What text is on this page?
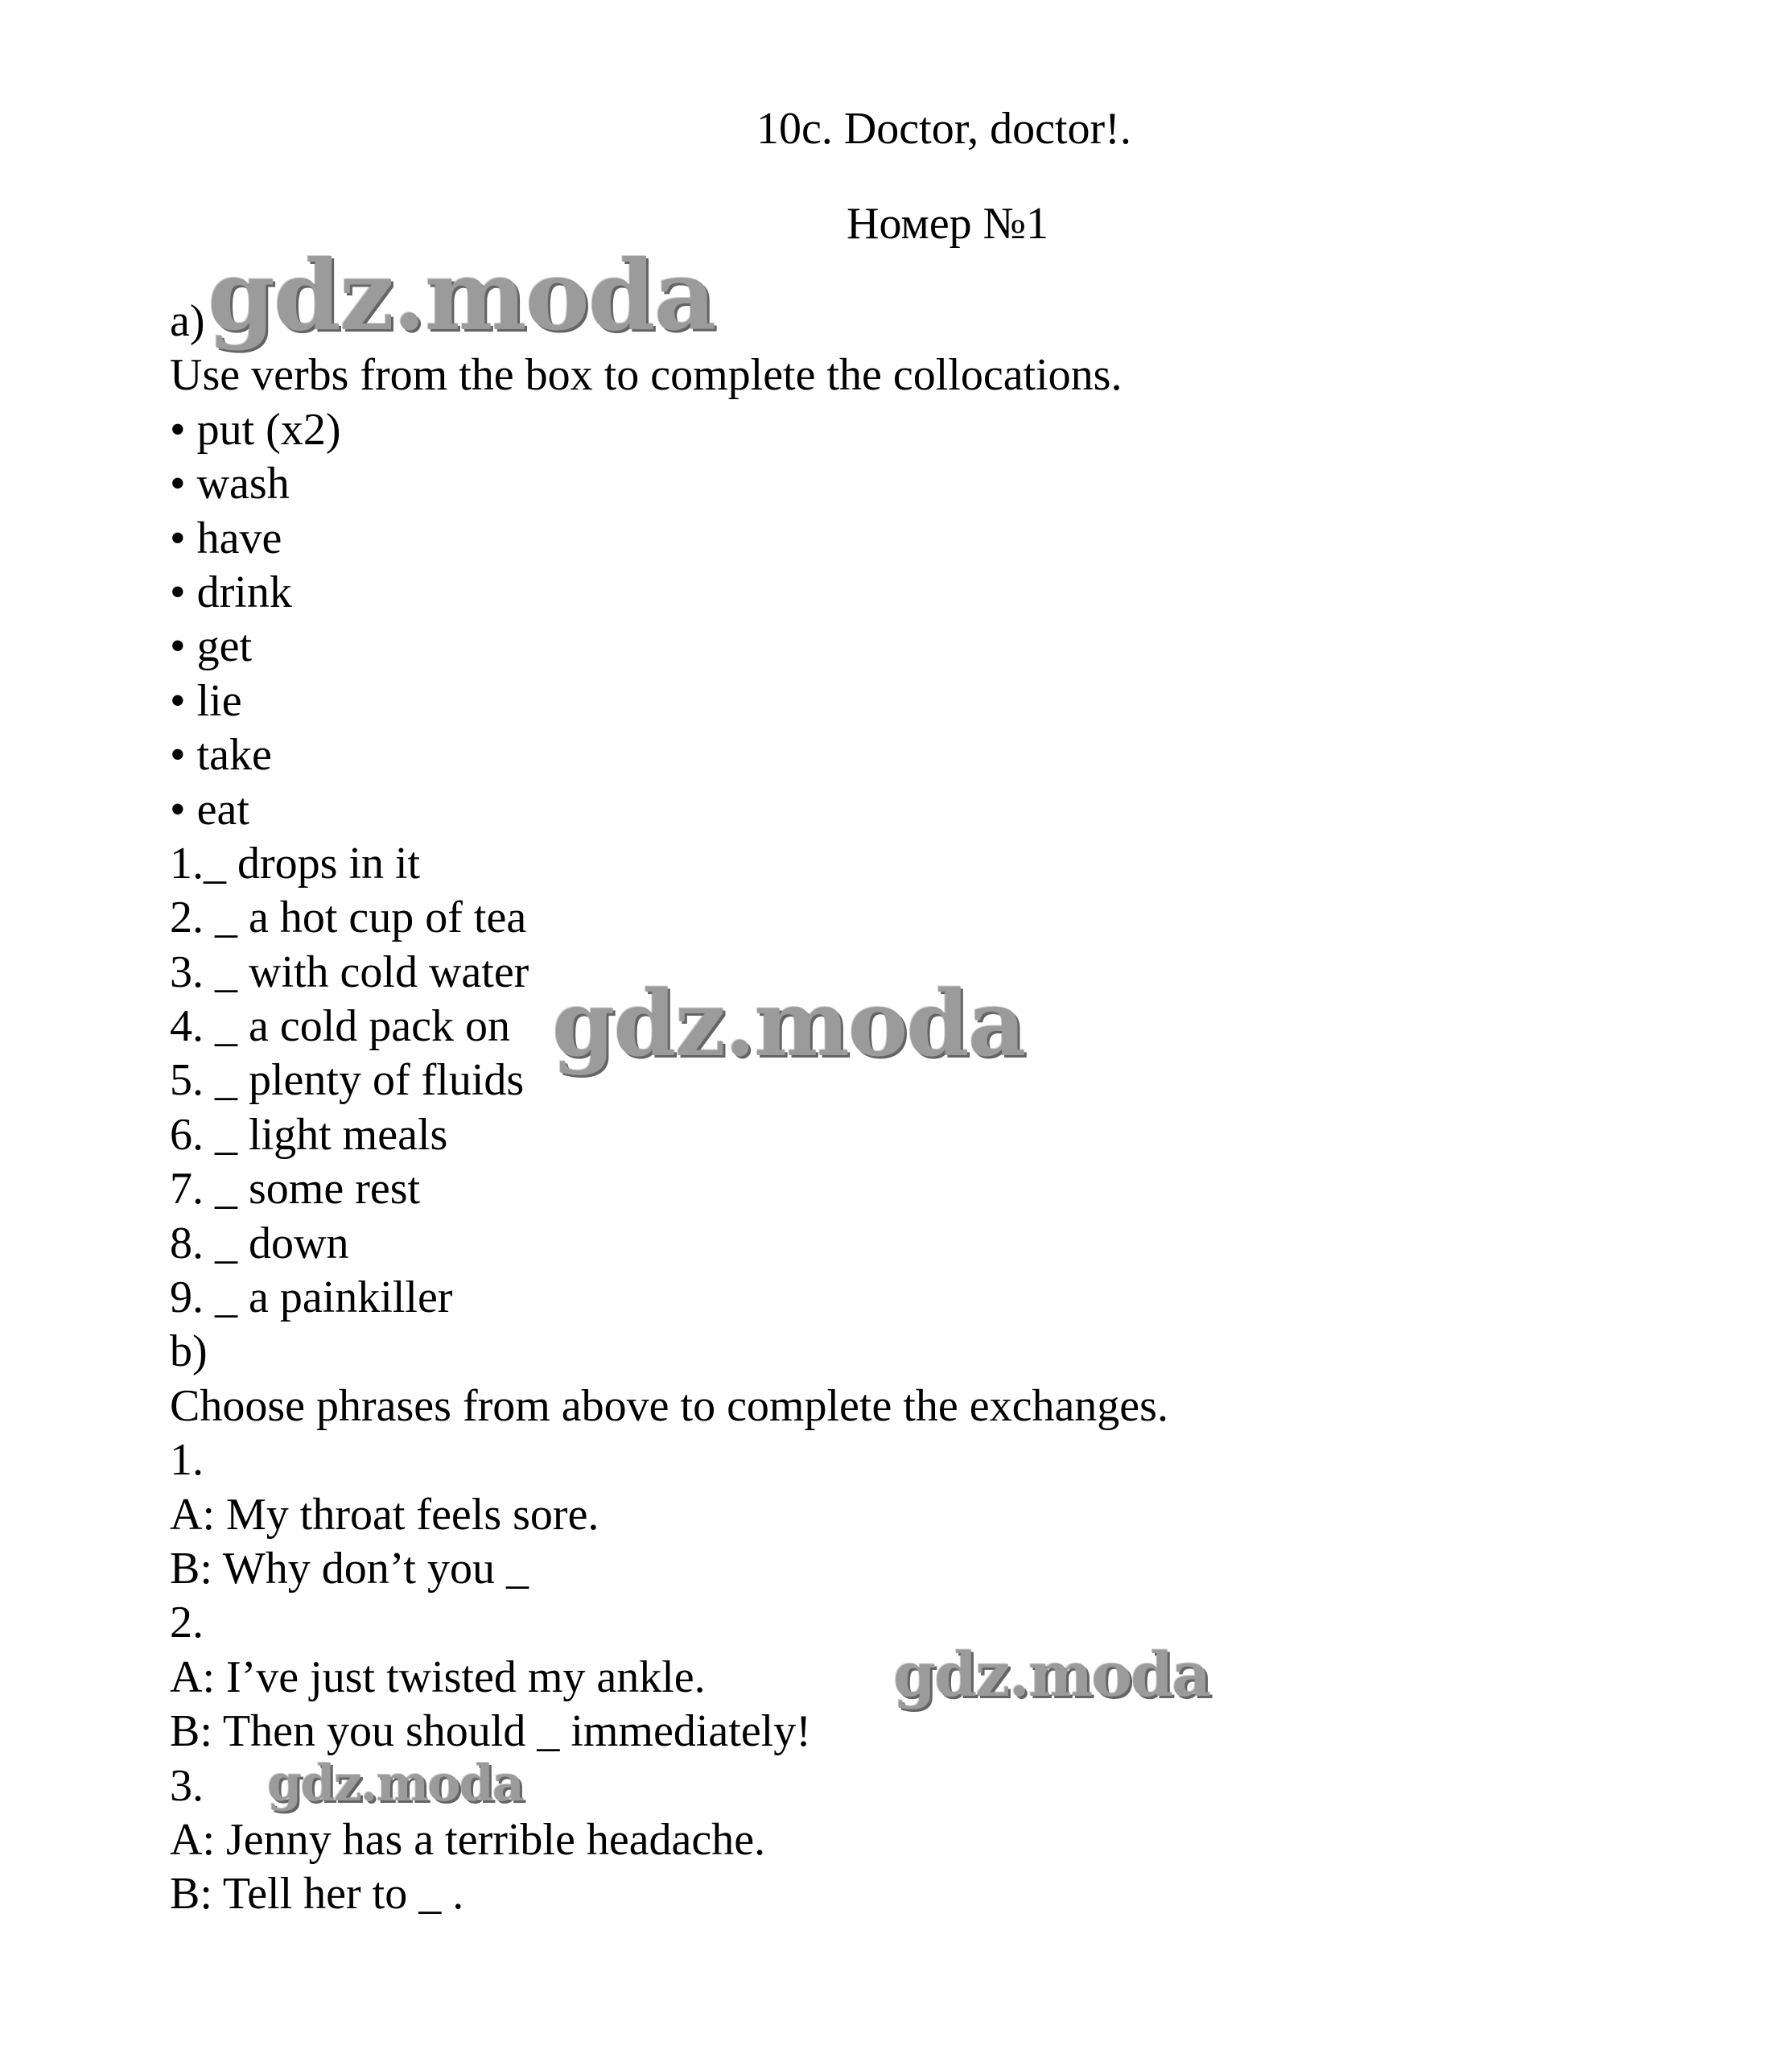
10c. Doctor, doctor!.
Номер №1
a)
Use verbs from the box to complete the collocations.
• put (x2)
• wash
• have
• drink
• get
• lie
• take
• eat
1._ drops in it
2. _ a hot cup of tea
3. _ with cold water
4. _ a cold pack on
5. _ plenty of fluids
6. _ light meals
7. _ some rest
8. _ down
9. _ a painkiller
b)
Choose phrases from above to complete the exchanges.
1.
A: My throat feels sore.
B: Why don’t you _
2.
A: I’ve just twisted my ankle.
B: Then you should _ immediately!
3.
A: Jenny has a terrible headache.
B: Tell her to _ .
gdz.moda
gdz.moda
gdz.moda
gdz.moda
